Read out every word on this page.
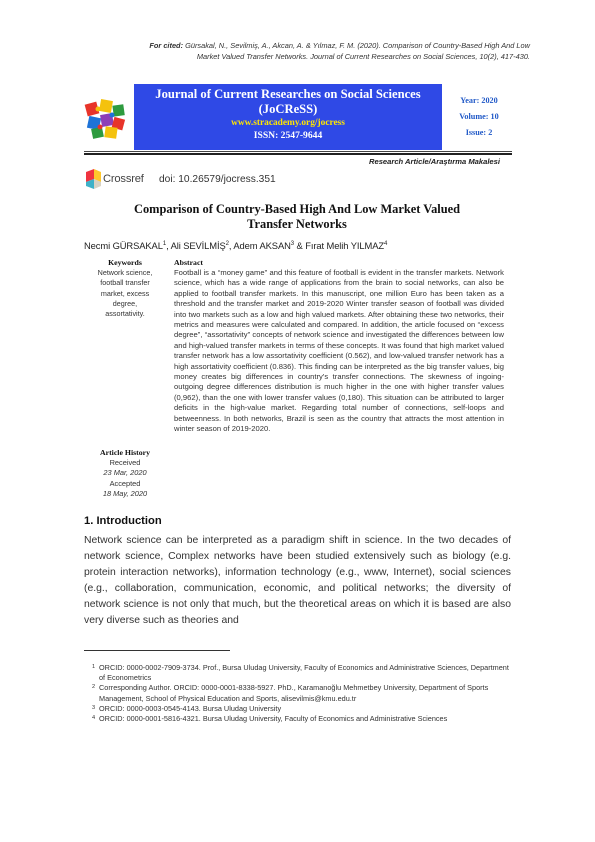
For cited: Gürsakal, N., Sevilmiş, A., Akcan, A. & Yılmaz, F. M. (2020). Comparison of Country-Based High And Low
Market Valued Transfer Networks. Journal of Current Researches on Social Sciences, 10(2), 417-430.
Journal of Current Researches on Social Sciences
(JoCReSS)
www.stracademy.org/jocress
ISSN: 2547-9644
Year: 2020
Volume: 10
Issue: 2
Research Article/Araştırma Makalesi
Crossref doi: 10.26579/jocress.351
Comparison of Country-Based High And Low Market Valued
Transfer Networks
Necmi GÜRSAKAL$^1$, Ali SEVİLMİŞ$^2$, Adem AKSAN$^3$ & Fırat Melih YILMAZ$^4$
Keywords
Network science,
football transfer
market, excess
degree,
assortativity.
Article History
Received
23 Mar, 2020
Accepted
18 May, 2020
Abstract
Football is a “money game” and this feature of football is evident in the transfer markets. Network science, which has a wide range of applications from the brain to social networks, can also be applied to football transfer markets. In this manuscript, one million Euro has been taken as a threshold and the transfer market and 2019-2020 Winter transfer season of football was divided into two markets such as a low and high valued markets. After obtaining these two networks, their metrics and measures were calculated and compared. In addition, the article focused on “excess degree”, “assortativity” concepts of network science and investigated the differences between low and high-valued transfer markets in terms of these concepts. It was found that high market valued transfer network has a low assortativity coefficient (0.562), and low-valued transfer network has a high assortativity coefficient (0.836). This finding can be interpreted as the big transfer values, big money creates big differences in country's transfer connections. The skewness of ingoing-outgoing degree differences distribution is much higher in the one with higher transfer values (0,962), than the one with lower transfer values (0,180). This situation can be attributed to larger deficits in the high-value market. Regarding total number of connections, self-loops and betweenness. In both networks, Brazil is seen as the country that attracts the most attention in winter season of 2019-2020.
1. Introduction
Network science can be interpreted as a paradigm shift in science. In the two decades of network science, Complex networks have been studied extensively such as biology (e.g. protein interaction networks), information technology (e.g., www, Internet), social sciences (e.g., collaboration, communication, economic, and political networks; the diversity of network science is not only that much, but the theoretical areas on which it is based are also very diverse such as theories and
1 ORCID: 0000-0002-7909-3734. Prof., Bursa Uludag University, Faculty of Economics and Administrative Sciences, Department of Econometrics
2 Corresponding Author. ORCID: 0000-0001-8338-5927. PhD., Karamanoğlu Mehmetbey University, Department of Sports Management, School of Physical Education and Sports, alisevilmis@kmu.edu.tr
3 ORCID: 0000-0003-0545-4143. Bursa Uludag University
4 ORCID: 0000-0001-5816-4321. Bursa Uludag University, Faculty of Economics and Administrative Sciences
